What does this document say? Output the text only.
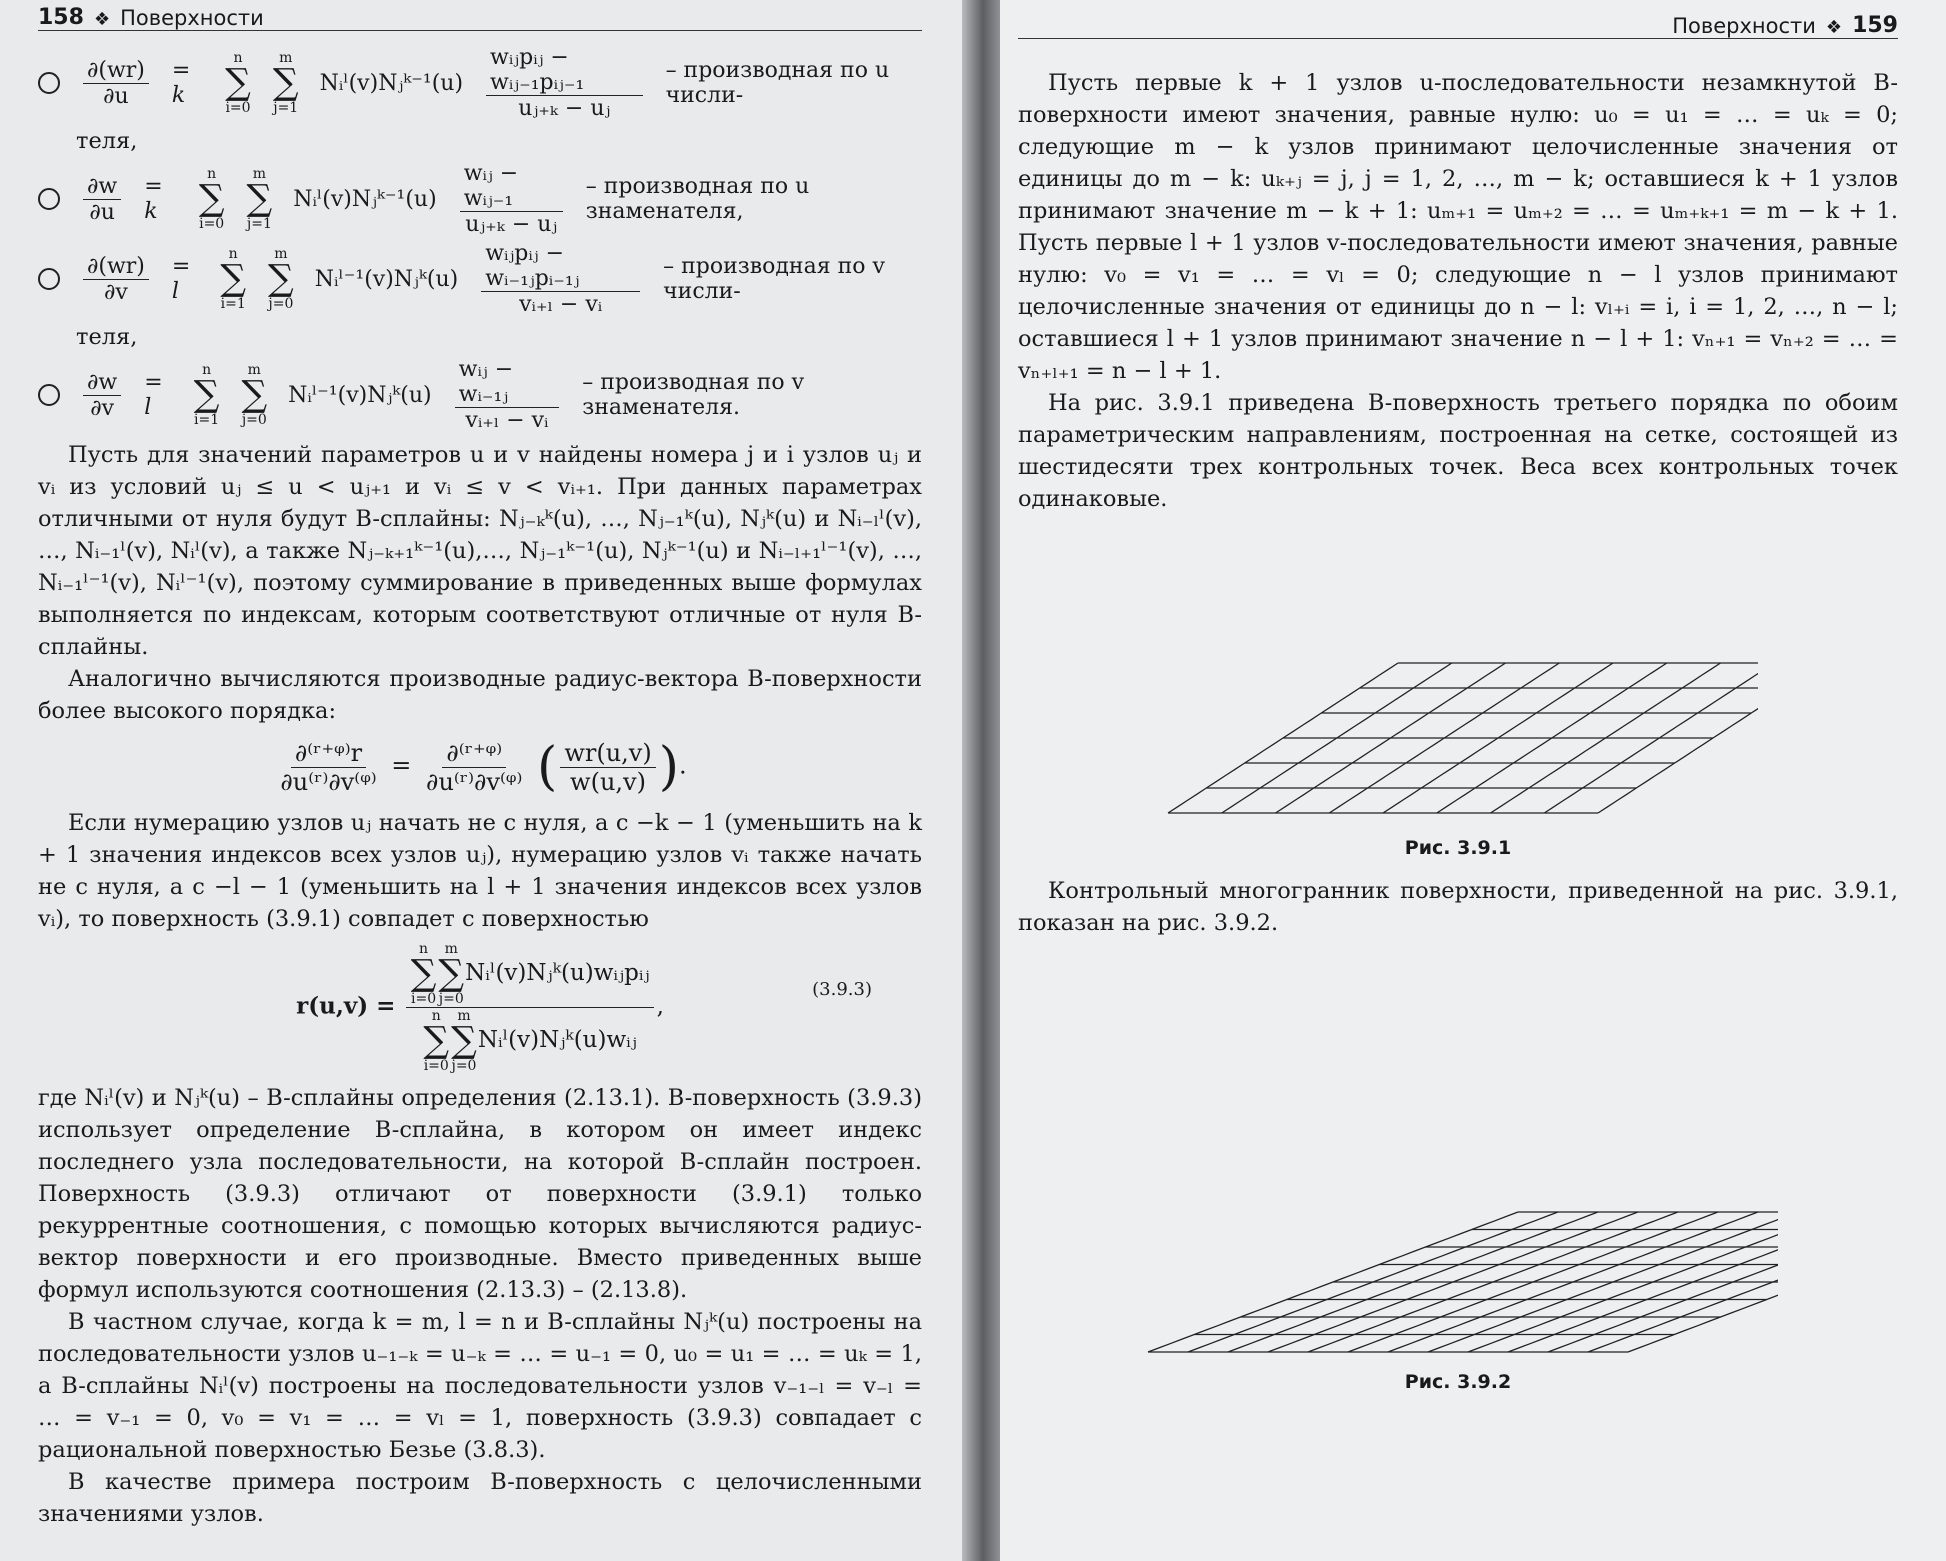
158 ❖ Поверхности
$\frac{\partial(wr)}{\partial u} = k$
n
∑
i=0
m
∑
j=1
Nᵢˡ(v)Nⱼᵏ⁻¹(u) $\frac{\text{wᵢⱼpᵢⱼ − wᵢⱼ₋₁pᵢⱼ₋₁}}{\text{uⱼ₊ₖ − uⱼ}}$ – производная по u числи-

теля,

$\frac{\partial w}{\partial u} = k$
n
∑
i=0
m
∑
j=1
Nᵢˡ(v)Nⱼᵏ⁻¹(u) $\frac{\text{wᵢⱼ − wᵢⱼ₋₁}}{\text{uⱼ₊ₖ − uⱼ}}$ – производная по u знаменателя,
$\frac{\partial(wr)}{\partial v} = l$
n
∑
i=1
m
∑
j=0
Nᵢˡ⁻¹(v)Nⱼᵏ(u) $\frac{\text{wᵢⱼpᵢⱼ − wᵢ₋₁ⱼpᵢ₋₁ⱼ}}{\text{vᵢ₊ₗ − vᵢ}}$ – производная по v числи-

теля,

$\frac{\partial w}{\partial v} = l$
n
∑
i=1
m
∑
j=0
Nᵢˡ⁻¹(v)Nⱼᵏ(u) $\frac{\text{wᵢⱼ − wᵢ₋₁ⱼ}}{\text{vᵢ₊ₗ − vᵢ}}$ – производная по v знаменателя.

Пусть для значений параметров u и v найдены номера j и i узлов uⱼ и vᵢ из условий uⱼ ≤ u < uⱼ₊₁ и vᵢ ≤ v < vᵢ₊₁. При данных параметрах отличными от нуля будут B-сплайны: Nⱼ₋ₖᵏ(u), …, Nⱼ₋₁ᵏ(u), Nⱼᵏ(u) и Nᵢ₋ₗˡ(v), …, Nᵢ₋₁ˡ(v), Nᵢˡ(v), а также Nⱼ₋ₖ₊₁ᵏ⁻¹(u),…, Nⱼ₋₁ᵏ⁻¹(u), Nⱼᵏ⁻¹(u) и Nᵢ₋ₗ₊₁ˡ⁻¹(v), …, Nᵢ₋₁ˡ⁻¹(v), Nᵢˡ⁻¹(v), поэтому суммирование в приведенных выше формулах выполняется по индексам, которым соответствуют отличные от нуля B-сплайны.

Аналогично вычисляются производные радиус-вектора B-поверхности более высокого порядка:

$\frac{\text{∂⁽ʳ⁺ᵠ⁾r}}{\text{∂u⁽ʳ⁾∂v⁽ᵠ⁾}} = \frac{\text{∂⁽ʳ⁺ᵠ⁾}}{\text{∂u⁽ʳ⁾∂v⁽ᵠ⁾}}$ ( $\frac{wr(u,v)}{w(u,v)}$ ).

Если нумерацию узлов uⱼ начать не с нуля, а с −k − 1 (уменьшить на k + 1 значения индексов всех узлов uⱼ), нумерацию узлов vᵢ также начать не с нуля, а с −l − 1 (уменьшить на l + 1 значения индексов всех узлов vᵢ), то поверхность (3.9.1) совпадет с поверхностью

r(u,v) = n
∑
i=0
m
∑
j=0
Nᵢˡ(v)Nⱼᵏ(u)wᵢⱼpᵢⱼ
n
∑
i=0
m
∑
j=0
Nᵢˡ(v)Nⱼᵏ(u)wᵢⱼ ,
(3.9.3)

где Nᵢˡ(v) и Nⱼᵏ(u) – B-сплайны определения (2.13.1). B-поверхность (3.9.3) использует определение B-сплайна, в котором он имеет индекс последнего узла последовательности, на которой B-сплайн построен. Поверхность (3.9.3) отличают от поверхности (3.9.1) только рекуррентные соотношения, с помощью которых вычисляются радиус-вектор поверхности и его производные. Вместо приведенных выше формул используются соотношения (2.13.3) – (2.13.8).

В частном случае, когда k = m, l = n и B-сплайны Nⱼᵏ(u) построены на последовательности узлов u₋₁₋ₖ = u₋ₖ = … = u₋₁ = 0, u₀ = u₁ = … = uₖ = 1, а B-сплайны Nᵢˡ(v) построены на последовательности узлов v₋₁₋ₗ = v₋ₗ = … = v₋₁ = 0, v₀ = v₁ = … = vₗ = 1, поверхность (3.9.3) совпадает с рациональной поверхностью Безье (3.8.3).

В качестве примера построим B-поверхность с целочисленными значениями узлов.

Поверхности ❖ 159

Пусть первые k + 1 узлов u-последовательности незамкнутой B-поверхности имеют значения, равные нулю: u₀ = u₁ = … = uₖ = 0; следующие m − k узлов принимают целочисленные значения от единицы до m − k: uₖ₊ⱼ = j, j = 1, 2, …, m − k; оставшиеся k + 1 узлов принимают значение m − k + 1: uₘ₊₁ = uₘ₊₂ = … = uₘ₊ₖ₊₁ = m − k + 1. Пусть первые l + 1 узлов v-последовательности имеют значения, равные нулю: v₀ = v₁ = … = vₗ = 0; следующие n − l узлов принимают целочисленные значения от единицы до n − l: vₗ₊ᵢ = i, i = 1, 2, …, n − l; оставшиеся l + 1 узлов принимают значение n − l + 1: vₙ₊₁ = vₙ₊₂ = … = vₙ₊ₗ₊₁ = n − l + 1.

На рис. 3.9.1 приведена B-поверхность третьего порядка по обоим параметрическим направлениям, построенная на сетке, состоящей из шестидесяти трех контрольных точек. Веса всех контрольных точек одинаковые.

Рис. 3.9.1

Контрольный многогранник поверхности, приведенной на рис. 3.9.1, показан на рис. 3.9.2.

Рис. 3.9.2
